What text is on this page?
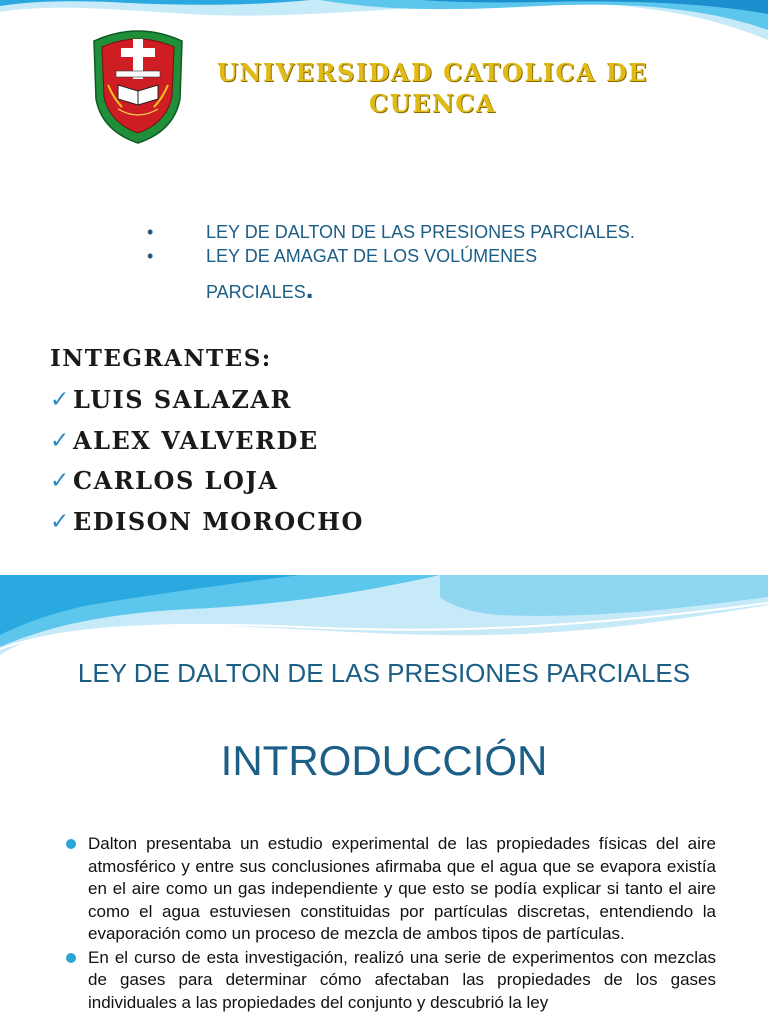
UNIVERSIDAD CATOLICA DE CUENCA
•	LEY DE DALTON DE LAS PRESIONES PARCIALES.
•	LEY DE AMAGAT DE LOS VOLÚMENES
PARCIALES.
INTEGRANTES:
✓ LUIS SALAZAR
✓ ALEX VALVERDE
✓ CARLOS LOJA
✓ EDISON MOROCHO
LEY DE DALTON DE LAS PRESIONES PARCIALES
INTRODUCCIÓN
Dalton presentaba un estudio experimental de las propiedades físicas del aire atmosférico y entre sus conclusiones afirmaba que el agua que se evapora existía en el aire como un gas independiente y que esto se podía explicar si tanto el aire como el agua estuviesen constituidas por partículas discretas, entendiendo la evaporación como un proceso de mezcla de ambos tipos de partículas.
En el curso de esta investigación, realizó una serie de experimentos con mezclas de gases para determinar cómo afectaban las propiedades de los gases individuales a las propiedades del conjunto y descubrió la ley
